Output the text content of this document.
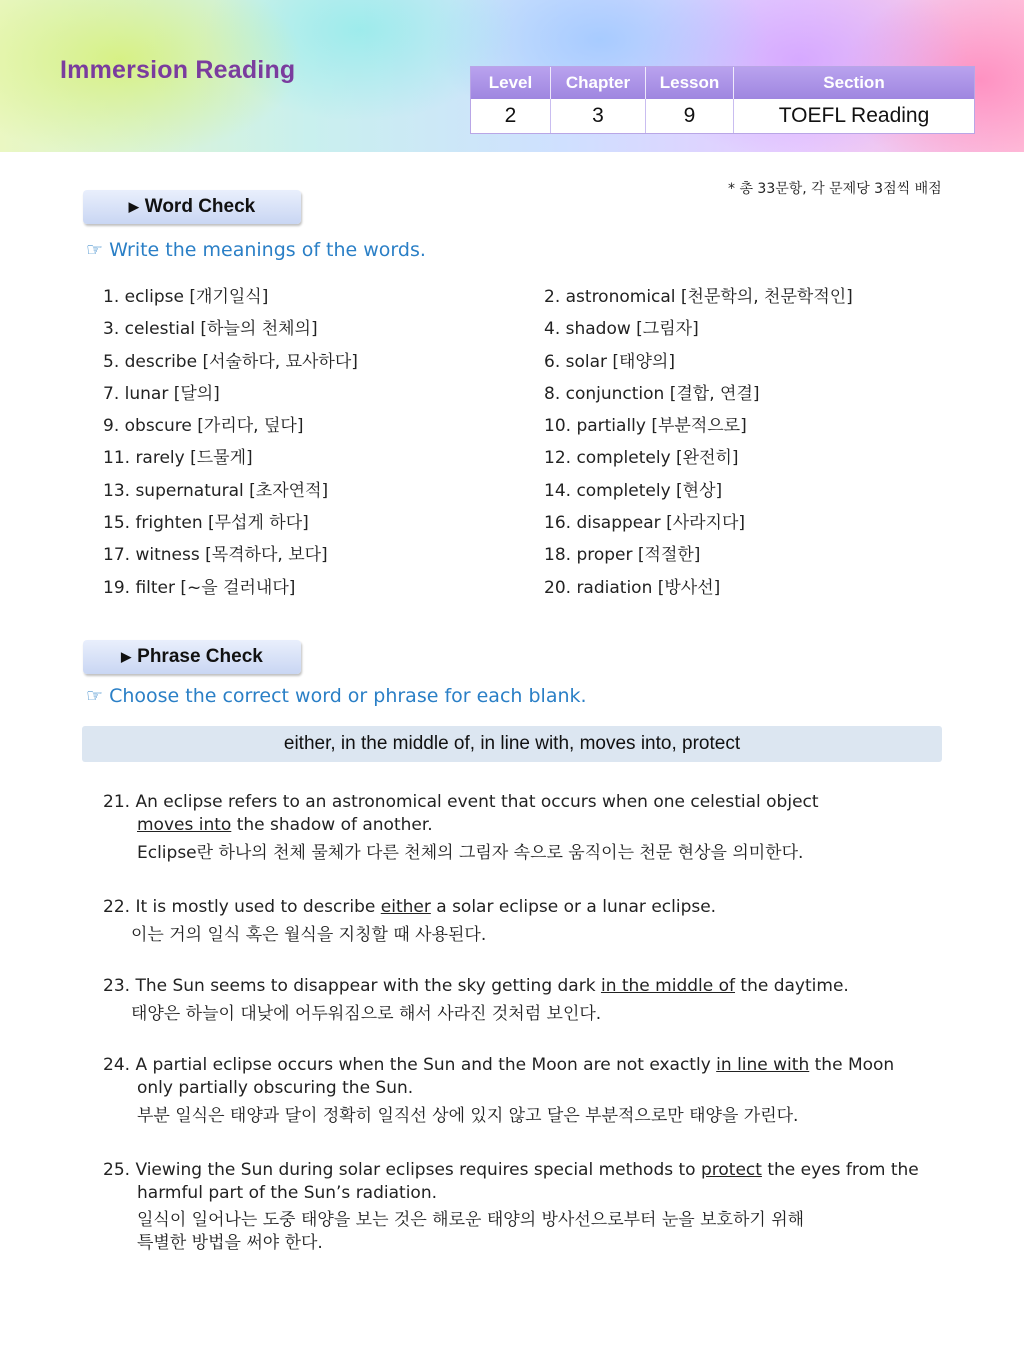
Immersion Reading	Level	Chapter	Lesson	Section
2	3	9	TOEFL Reading
* 총 33문항, 각 문제당 3점씩 배점
▶ Word Check
☞ Write the meanings of the words.
1. eclipse [개기일식]	2. astronomical [천문학의, 천문학적인]
3. celestial [하늘의 천체의]	4. shadow [그림자]
5. describe [서술하다, 묘사하다]	6. solar [태양의]
7. lunar [달의]	8. conjunction [결합, 연결]
9. obscure [가리다, 덮다]	10. partially [부분적으로]
11. rarely [드물게]	12. completely [완전히]
13. supernatural [초자연적]	14. completely [현상]
15. frighten [무섭게 하다]	16. disappear [사라지다]
17. witness [목격하다, 보다]	18. proper [적절한]
19. filter [~을 걸러내다]	20. radiation [방사선]
▶ Phrase Check
☞ Choose the correct word or phrase for each blank.
either, in the middle of, in line with, moves into, protect
21. An eclipse refers to an astronomical event that occurs when one celestial object
moves into the shadow of another.
Eclipse란 하나의 천체 물체가 다른 천체의 그림자 속으로 움직이는 천문 현상을 의미한다.
22. It is mostly used to describe either a solar eclipse or a lunar eclipse.
이는 거의 일식 혹은 월식을 지칭할 때 사용된다.
23. The Sun seems to disappear with the sky getting dark in the middle of the daytime.
태양은 하늘이 대낮에 어두워짐으로 해서 사라진 것처럼 보인다.
24. A partial eclipse occurs when the Sun and the Moon are not exactly in line with the Moon
only partially obscuring the Sun.
부분 일식은 태양과 달이 정확히 일직선 상에 있지 않고 달은 부분적으로만 태양을 가린다.
25. Viewing the Sun during solar eclipses requires special methods to protect the eyes from the
harmful part of the Sun’s radiation.
일식이 일어나는 도중 태양을 보는 것은 해로운 태양의 방사선으로부터 눈을 보호하기 위해
특별한 방법을 써야 한다.
